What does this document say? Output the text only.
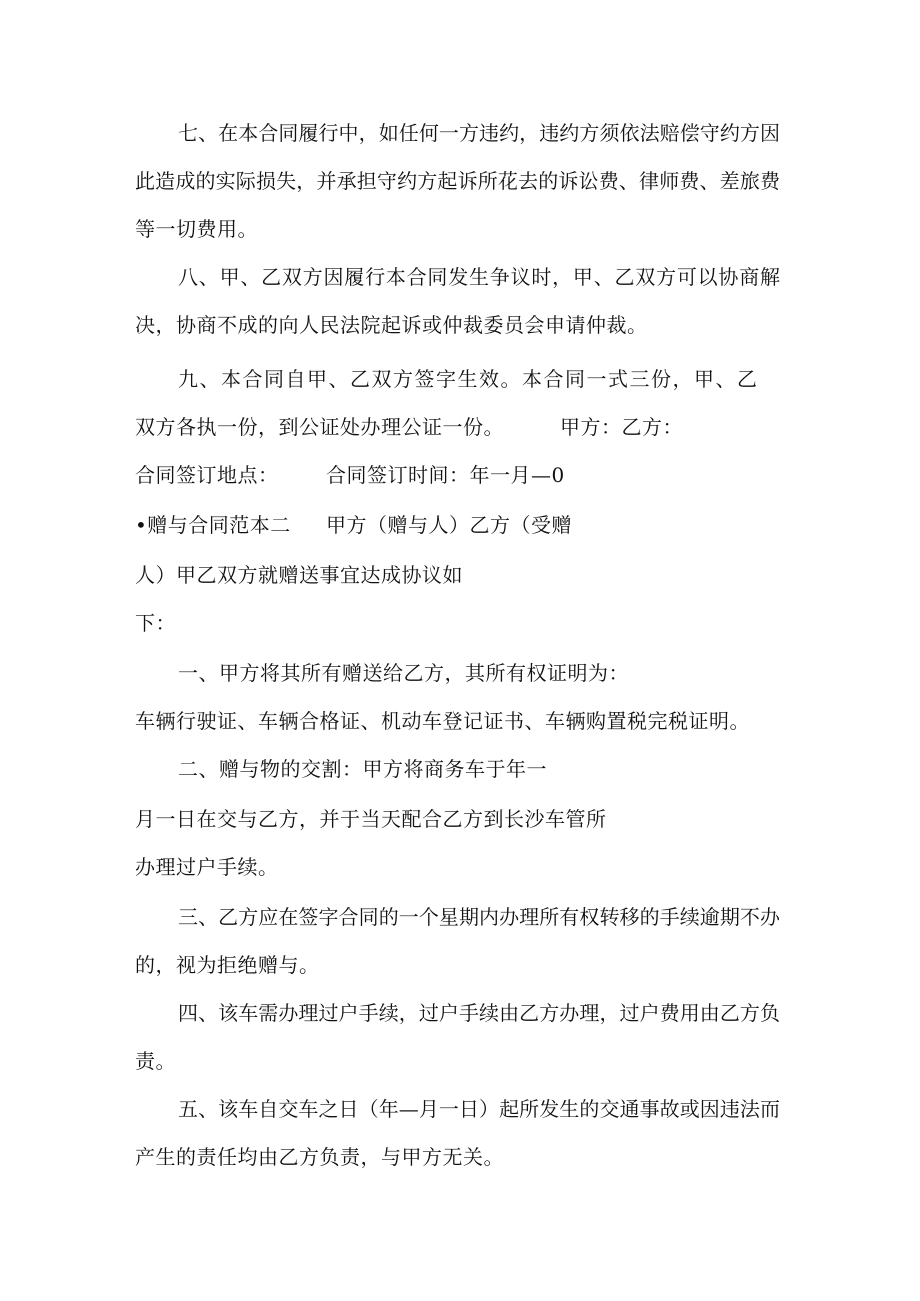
七、在本合同履行中，如任何一方违约，违约方须依法赔偿守约方因
此造成的实际损失，并承担守约方起诉所花去的诉讼费、律师费、差旅费
等一切费用。
八、甲、乙双方因履行本合同发生争议时，甲、乙双方可以协商解
决，协商不成的向人民法院起诉或仲裁委员会申请仲裁。
九、本合同自甲、乙双方签字生效。本合同一式三份，甲、乙
双方各执一份，到公证处办理公证一份。	甲方：乙方：
合同签订地点： 合同签订时间：年一月—0
•赠与合同范本二 甲方（赠与人）乙方（受赠
人）甲乙双方就赠送事宜达成协议如
下：
一、甲方将其所有赠送给乙方，其所有权证明为：
车辆行驶证、车辆合格证、机动车登记证书、车辆购置税完税证明。
二、赠与物的交割：甲方将商务车于年一
月一日在交与乙方，并于当天配合乙方到长沙车管所
办理过户手续。
三、乙方应在签字合同的一个星期内办理所有权转移的手续逾期不办
的，视为拒绝赠与。
四、该车需办理过户手续，过户手续由乙方办理，过户费用由乙方负
责。
五、该车自交车之日（年—月一日）起所发生的交通事故或因违法而
产生的责任均由乙方负责，与甲方无关。
